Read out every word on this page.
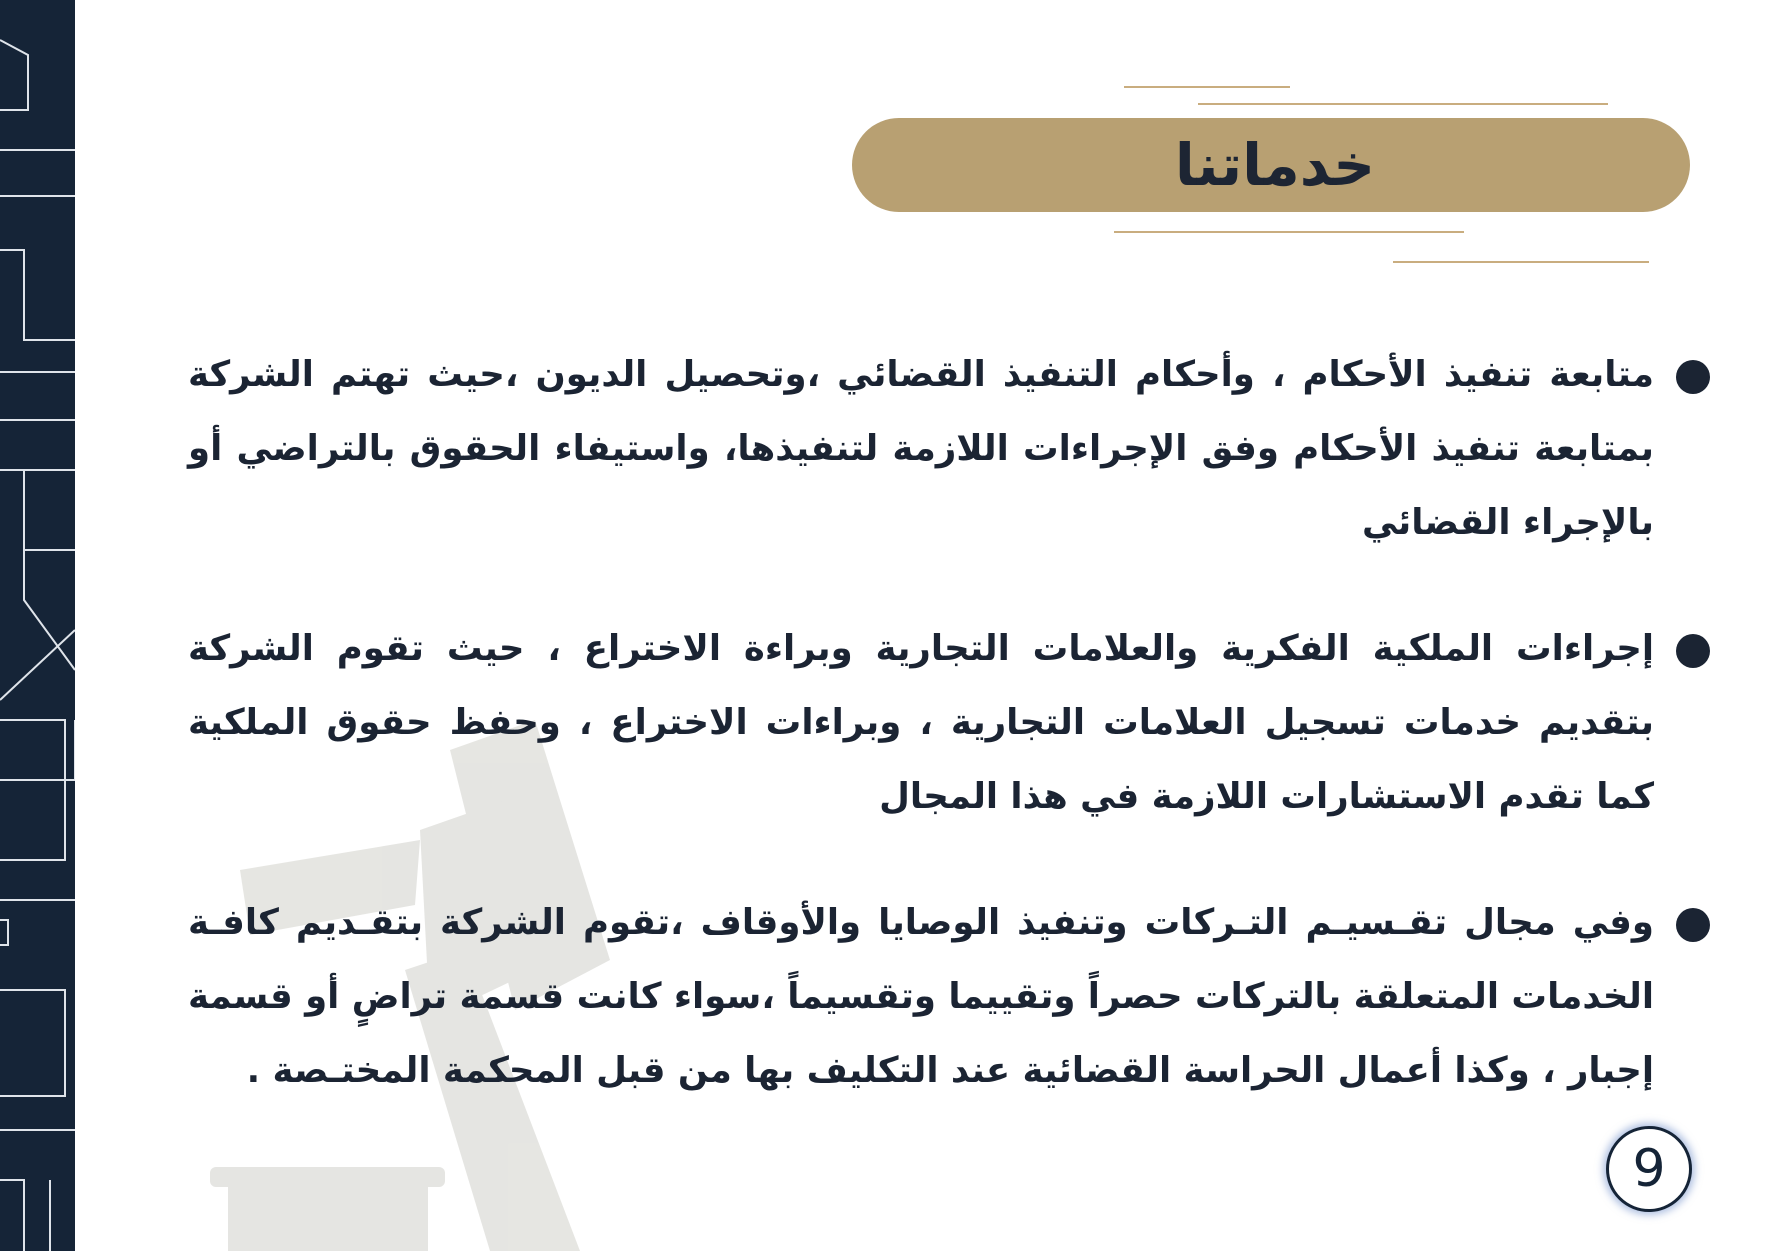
خدماتنا
متابعة تنفيذ الأحكام ، وأحكام التنفيذ القضائي ،وتحصيل الديون ،حيث تهتم الشركة بمتابعة تنفيذ الأحكام وفق الإجراءات اللازمة لتنفيذها، واستيفاء الحقوق بالتراضي أو بالإجراء القضائي
إجراءات الملكية الفكرية والعلامات التجارية وبراءة الاختراع ، حيث تقوم الشركة بتقديم خدمات تسجيل العلامات التجارية ، وبراءات الاختراع ، وحفظ حقوق الملكية كما تقدم الاستشارات اللازمة في هذا المجال
وفي مجال تقـسيـم التـركات وتنفيذ الوصايا والأوقاف ،تقوم الشركة بتقـديم كافـة الخدمات المتعلقة بالتركات حصراً وتقييما وتقسيماً ،سواء كانت قسمة تراضٍ أو قسمة إجبار ، وكذا أعمال الحراسة القضائية عند التكليف بها من قبل المحكمة المختـصة .
9
